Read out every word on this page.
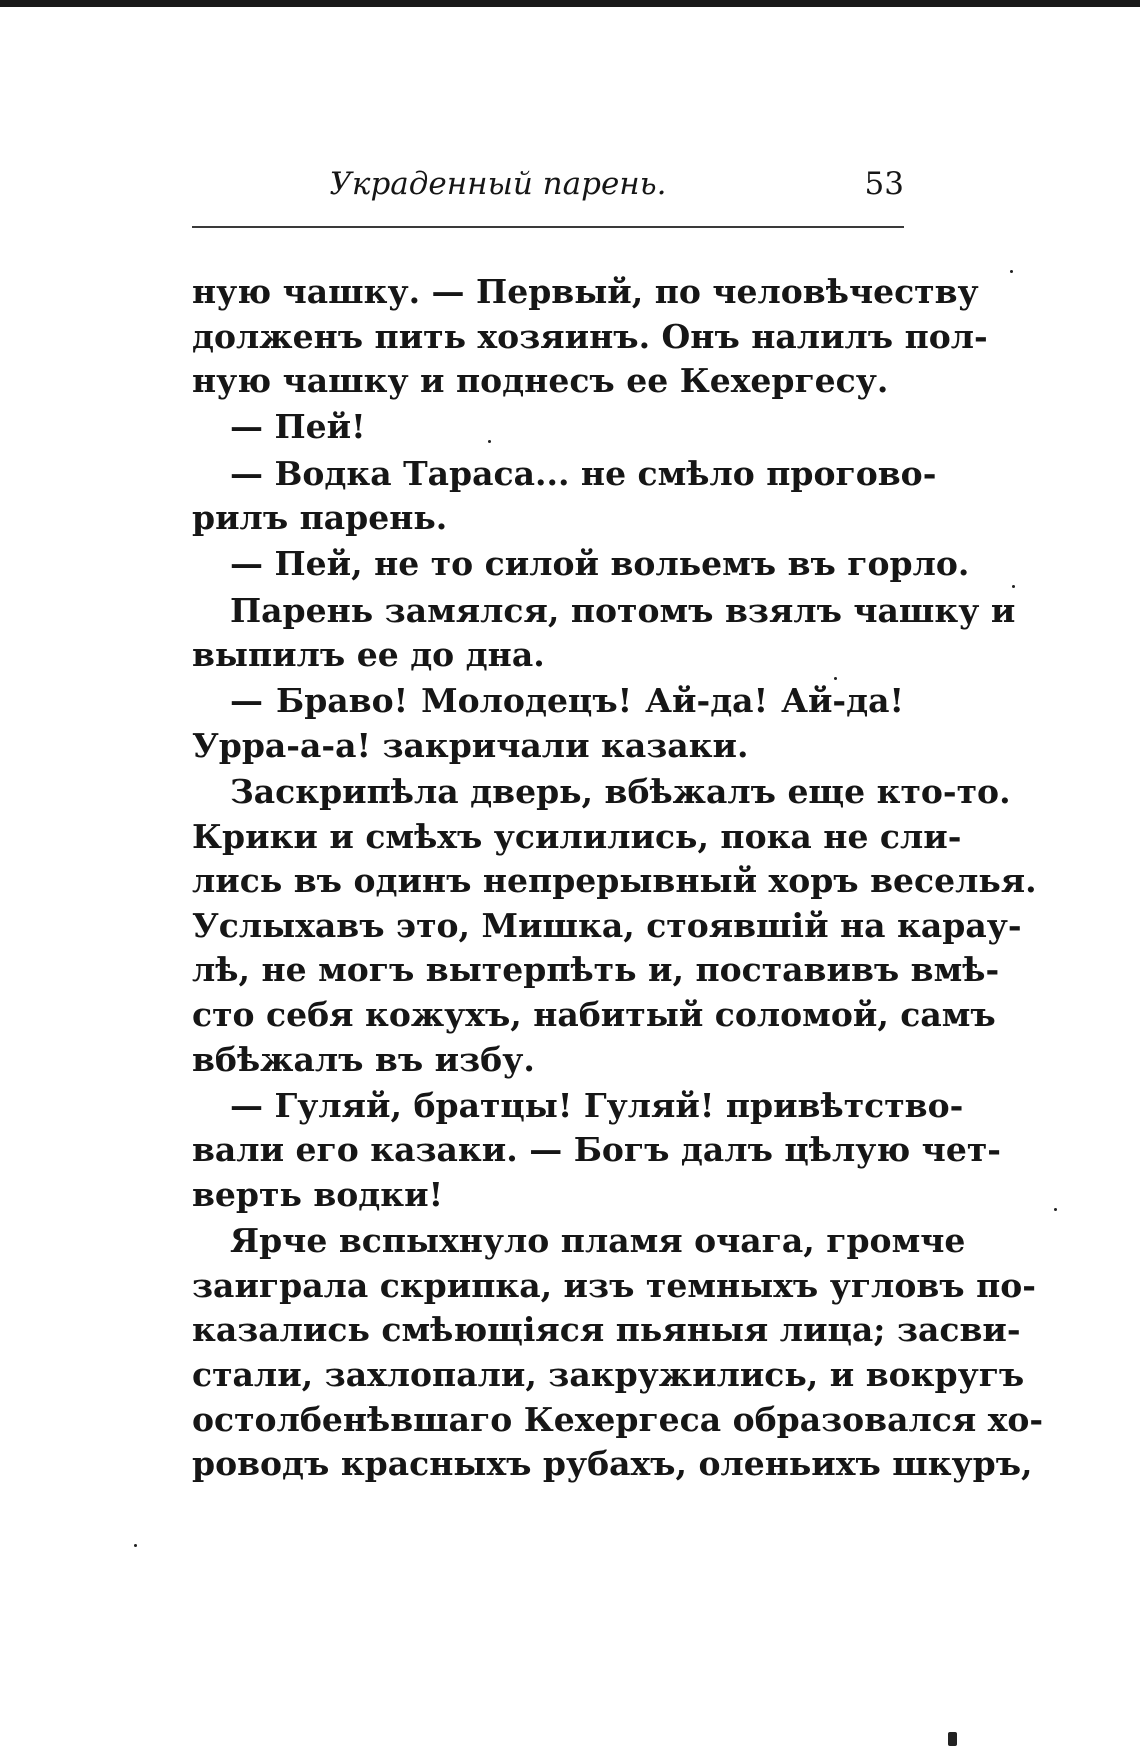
Украденный парень.	53
ную чашку. — Первый, по человѣчеству
долженъ пить хозяинъ. Онъ налилъ пол-
ную чашку и поднесъ ее Кехергесу.
— Пей!
— Водка Тараса... не смѣло прогово-
рилъ парень.
— Пей, не то силой вольемъ въ горло.
Парень замялся, потомъ взялъ чашку и
выпилъ ее до дна.
— Браво! Молодецъ! Ай-да! Ай-да!
Урра-а-а! закричали казаки.
Заскрипѣла дверь, вбѣжалъ еще кто-то.
Крики и смѣхъ усилились, пока не сли-
лись въ одинъ непрерывный хоръ веселья.
Услыхавъ это, Мишка, стоявшій на карау-
лѣ, не могъ вытерпѣть и, поставивъ вмѣ-
сто себя кожухъ, набитый соломой, самъ
вбѣжалъ въ избу.
— Гуляй, братцы! Гуляй! привѣтство-
вали его казаки. — Богъ далъ цѣлую чет-
верть водки!
Ярче вспыхнуло пламя очага, громче
заиграла скрипка, изъ темныхъ угловъ по-
казались смѣющіяся пьяныя лица; засви-
стали, захлопали, закружились, и вокругъ
остолбенѣвшаго Кехергеса образовался хо-
роводъ красныхъ рубахъ, оленьихъ шкуръ,
